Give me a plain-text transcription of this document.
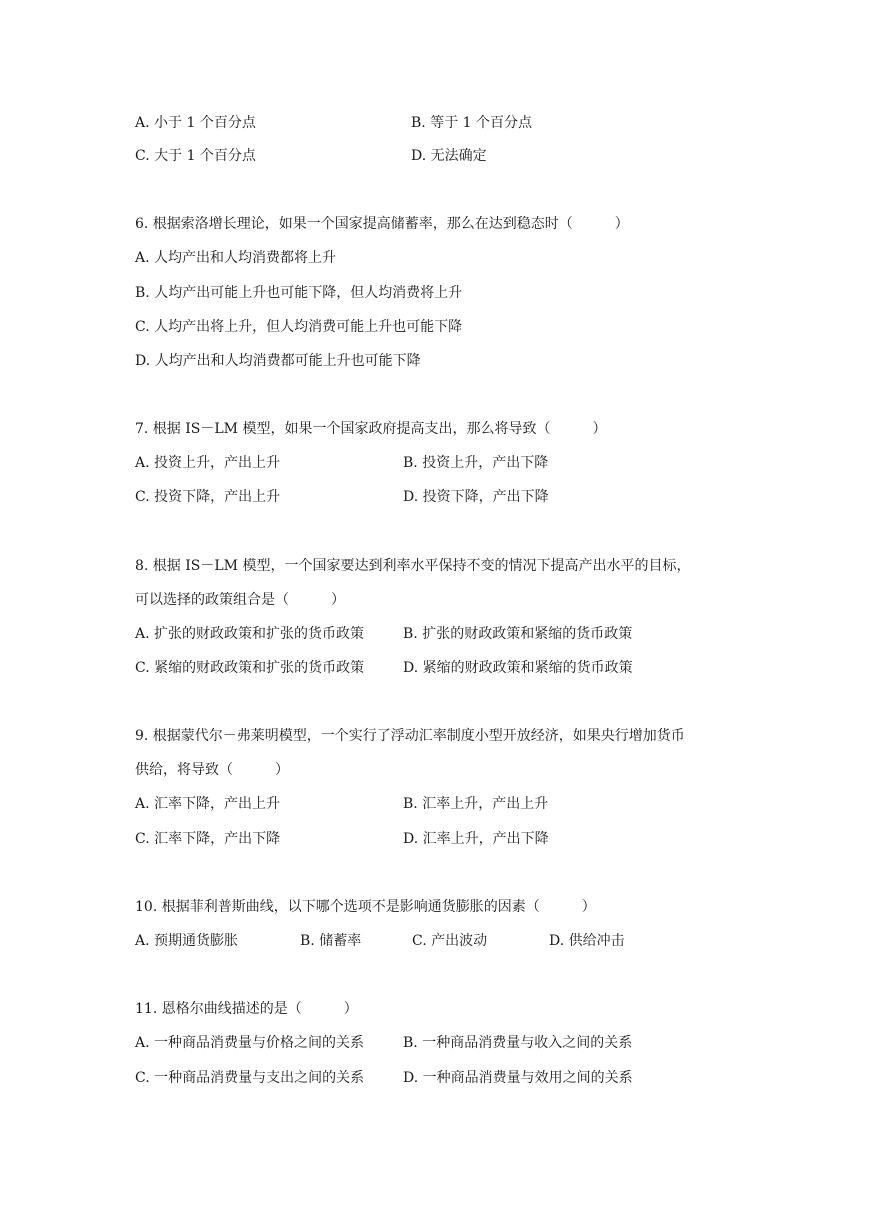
A. 小于 1 个百分点	B. 等于 1 个百分点
C. 大于 1 个百分点	D. 无法确定
6. 根据索洛增长理论，如果一个国家提高储蓄率，那么在达到稳态时（　　　）
A. 人均产出和人均消费都将上升
B. 人均产出可能上升也可能下降，但人均消费将上升
C. 人均产出将上升，但人均消费可能上升也可能下降
D. 人均产出和人均消费都可能上升也可能下降
7. 根据 IS－LM 模型，如果一个国家政府提高支出，那么将导致（　　　）
A. 投资上升，产出上升	B. 投资上升，产出下降
C. 投资下降，产出上升	D. 投资下降，产出下降
8. 根据 IS－LM 模型，一个国家要达到利率水平保持不变的情况下提高产出水平的目标，
可以选择的政策组合是（　　　）
A. 扩张的财政政策和扩张的货币政策	B. 扩张的财政政策和紧缩的货币政策
C. 紧缩的财政政策和扩张的货币政策	D. 紧缩的财政政策和紧缩的货币政策
9. 根据蒙代尔－弗莱明模型，一个实行了浮动汇率制度小型开放经济，如果央行增加货币
供给，将导致（　　　）
A. 汇率下降，产出上升	B. 汇率上升，产出上升
C. 汇率下降，产出下降	D. 汇率上升，产出下降
10. 根据菲利普斯曲线，以下哪个选项不是影响通货膨胀的因素（　　　）
A. 预期通货膨胀	B. 储蓄率	C. 产出波动	D. 供给冲击
11. 恩格尔曲线描述的是（　　　）
A. 一种商品消费量与价格之间的关系	B. 一种商品消费量与收入之间的关系
C. 一种商品消费量与支出之间的关系	D. 一种商品消费量与效用之间的关系
